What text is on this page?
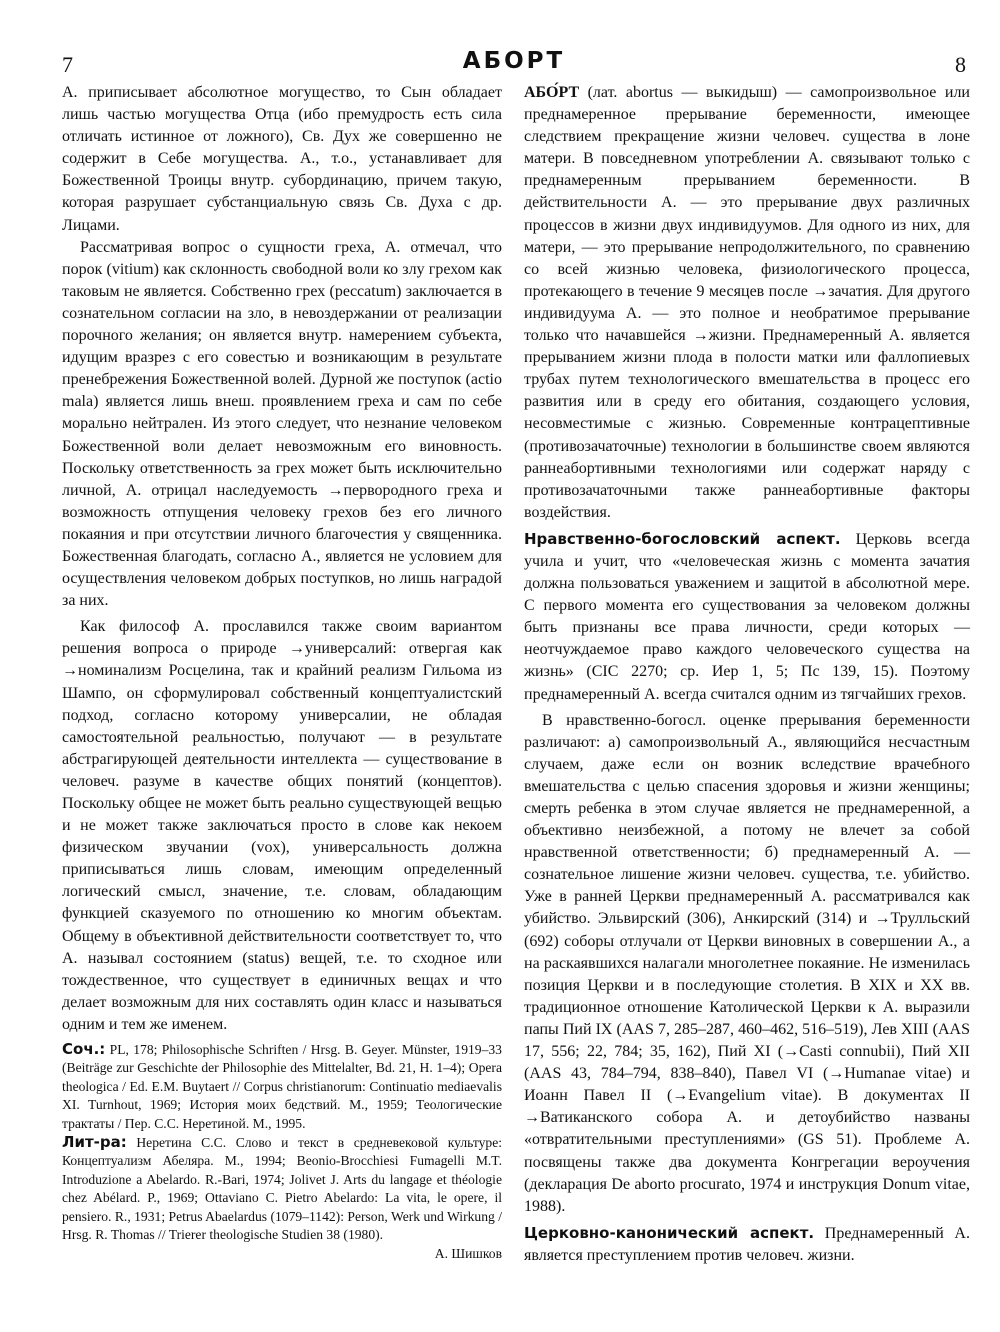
7	АБОРТ	8

А. приписывает абсолютное могущество, то Сын обладает лишь частью могущества Отца (ибо премудрость есть сила отличать истинное от ложного), Св. Дух же совершенно не содержит в Себе могущества. А., т.о., устанавливает для Божественной Троицы внутр. субординацию, причем такую, которая разрушает субстанциальную связь Св. Духа с др. Лицами.

Рассматривая вопрос о сущности греха, А. отмечал, что порок (vitium) как склонность свободной воли ко злу грехом как таковым не является. Собственно грех (peccatum) заключается в сознательном согласии на зло, в невоздержании от реализации порочного желания; он является внутр. намерением субъекта, идущим вразрез с его совестью и возникающим в результате пренебрежения Божественной волей. Дурной же поступок (actio mala) является лишь внеш. проявлением греха и сам по себе морально нейтрален. Из этого следует, что незнание человеком Божественной воли делает невозможным его виновность. Поскольку ответственность за грех может быть исключительно личной, А. отрицал наследуемость →первородного греха и возможность отпущения человеку грехов без его личного покаяния и при отсутствии личного благочестия у священника. Божественная благодать, согласно А., является не условием для осуществления человеком добрых поступков, но лишь наградой за них.

Как философ А. прославился также своим вариантом решения вопроса о природе →универсалий: отвергая как →номинализм Росцелина, так и крайний реализм Гильома из Шампо, он сформулировал собственный концептуалистский подход, согласно которому универсалии, не обладая самостоятельной реальностью, получают — в результате абстрагирующей деятельности интеллекта — существование в человеч. разуме в качестве общих понятий (концептов). Поскольку общее не может быть реально существующей вещью и не может также заключаться просто в слове как некоем физическом звучании (vox), универсальность должна приписываться лишь словам, имеющим определенный логический смысл, значение, т.е. словам, обладающим функцией сказуемого по отношению ко многим объектам. Общему в объективной действительности соответствует то, что А. называл состоянием (status) вещей, т.е. то сходное или тождественное, что существует в единичных вещах и что делает возможным для них составлять один класс и называться одним и тем же именем.

Соч.: PL, 178; Philosophische Schriften / Hrsg. B. Geyer. Münster, 1919–33 (Beiträge zur Geschichte der Philosophie des Mittelalter, Bd. 21, H. 1–4); Opera theologica / Ed. E.M. Buytaert // Corpus christianorum: Continuatio mediaevalis XI. Turnhout, 1969; История моих бедствий. М., 1959; Теологические трактаты / Пер. С.С. Неретиной. М., 1995.

Лит-ра: Неретина С.С. Слово и текст в средневековой культуре: Концептуализм Абеляра. М., 1994; Beonio-Brocchiesi Fumagelli M.T. Introduzione a Abelardo. R.-Bari, 1974; Jolivet J. Arts du langage et théologie chez Abélard. P., 1969; Ottaviano C. Pietro Abelardo: La vita, le opere, il pensiero. R., 1931; Petrus Abaelardus (1079–1142): Person, Werk und Wirkung / Hrsg. R. Thomas // Trierer theologische Studien 38 (1980).

А. Шишков

АБО́РТ (лат. abortus — выкидыш) — самопроизвольное или преднамеренное прерывание беременности, имеющее следствием прекращение жизни человеч. существа в лоне матери. В повседневном употреблении А. связывают только с преднамеренным прерыванием беременности. В действительности А. — это прерывание двух различных процессов в жизни двух индивидуумов. Для одного из них, для матери, — это прерывание непродолжительного, по сравнению со всей жизнью человека, физиологического процесса, протекающего в течение 9 месяцев после →зачатия. Для другого индивидуума А. — это полное и необратимое прерывание только что начавшейся →жизни. Преднамеренный А. является прерыванием жизни плода в полости матки или фаллопиевых трубах путем технологического вмешательства в процесс его развития или в среду его обитания, создающего условия, несовместимые с жизнью. Современные контрацептивные (противозачаточные) технологии в большинстве своем являются раннеабортивными технологиями или содержат наряду с противозачаточными также раннеабортивные факторы воздействия.

Нравственно-богословский аспект. Церковь всегда учила и учит, что «человеческая жизнь с момента зачатия должна пользоваться уважением и защитой в абсолютной мере. С первого момента его существования за человеком должны быть признаны все права личности, среди которых — неотчуждаемое право каждого человеческого существа на жизнь» (CIC 2270; ср. Иер 1, 5; Пс 139, 15). Поэтому преднамеренный А. всегда считался одним из тягчайших грехов.

В нравственно-богосл. оценке прерывания беременности различают: а) самопроизвольный А., являющийся несчастным случаем, даже если он возник вследствие врачебного вмешательства с целью спасения здоровья и жизни женщины; смерть ребенка в этом случае является не преднамеренной, а объективно неизбежной, а потому не влечет за собой нравственной ответственности; б) преднамеренный А. — сознательное лишение жизни человеч. существа, т.е. убийство. Уже в ранней Церкви преднамеренный А. рассматривался как убийство. Эльвирский (306), Анкирский (314) и →Трулльский (692) соборы отлучали от Церкви виновных в совершении А., а на раскаявшихся налагали многолетнее покаяние. Не изменилась позиция Церкви и в последующие столетия. В XIX и XX вв. традиционное отношение Католической Церкви к А. выразили папы Пий IX (AAS 7, 285–287, 460–462, 516–519), Лев XIII (AAS 17, 556; 22, 784; 35, 162), Пий XI (→Casti connubii), Пий XII (AAS 43, 784–794, 838–840), Павел VI (→Humanae vitae) и Иоанн Павел II (→Evangelium vitae). В документах II →Ватиканского собора А. и детоубийство названы «отвратительными преступлениями» (GS 51). Проблеме А. посвящены также два документа Конгрегации вероучения (декларация De aborto procurato, 1974 и инструкция Donum vitae, 1988).

Церковно-канонический аспект. Преднамеренный А. является преступлением против человеч. жизни.
